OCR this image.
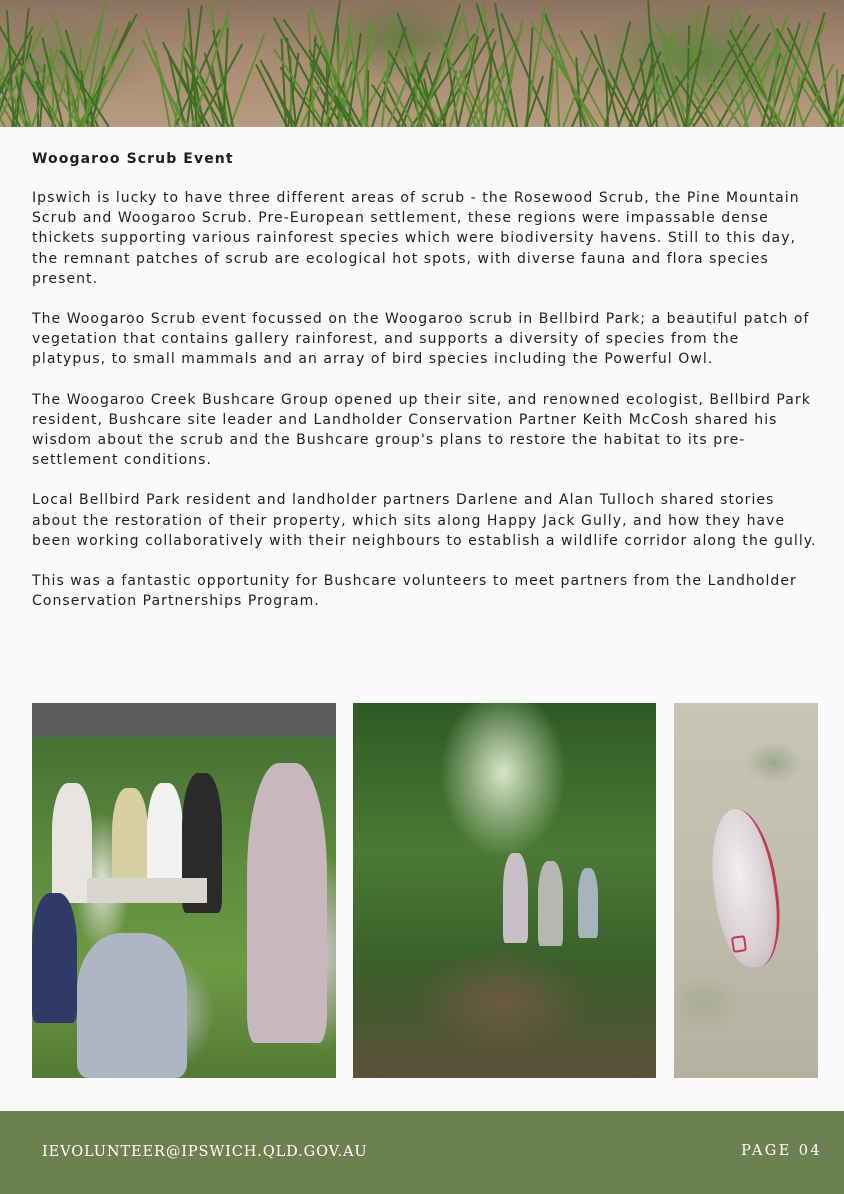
Woogaroo Scrub Event

Ipswich is lucky to have three different areas of scrub - the Rosewood Scrub, the Pine Mountain Scrub and Woogaroo Scrub. Pre-European settlement, these regions were impassable dense thickets supporting various rainforest species which were biodiversity havens. Still to this day, the remnant patches of scrub are ecological hot spots, with diverse fauna and flora species present.

The Woogaroo Scrub event focussed on the Woogaroo scrub in Bellbird Park; a beautiful patch of vegetation that contains gallery rainforest, and supports a diversity of species from the platypus, to small mammals and an array of bird species including the Powerful Owl.

The Woogaroo Creek Bushcare Group opened up their site, and renowned ecologist, Bellbird Park resident, Bushcare site leader and Landholder Conservation Partner Keith McCosh shared his wisdom about the scrub and the Bushcare group's plans to restore the habitat to its pre-settlement conditions.

Local Bellbird Park resident and landholder partners Darlene and Alan Tulloch shared stories about the restoration of their property, which sits along Happy Jack Gully, and how they have been working collaboratively with their neighbours to establish a wildlife corridor along the gully.

This was a fantastic opportunity for Bushcare volunteers to meet partners from the Landholder Conservation Partnerships Program.

IEVOLUNTEER@IPSWICH.QLD.GOV.AU	PAGE 04
